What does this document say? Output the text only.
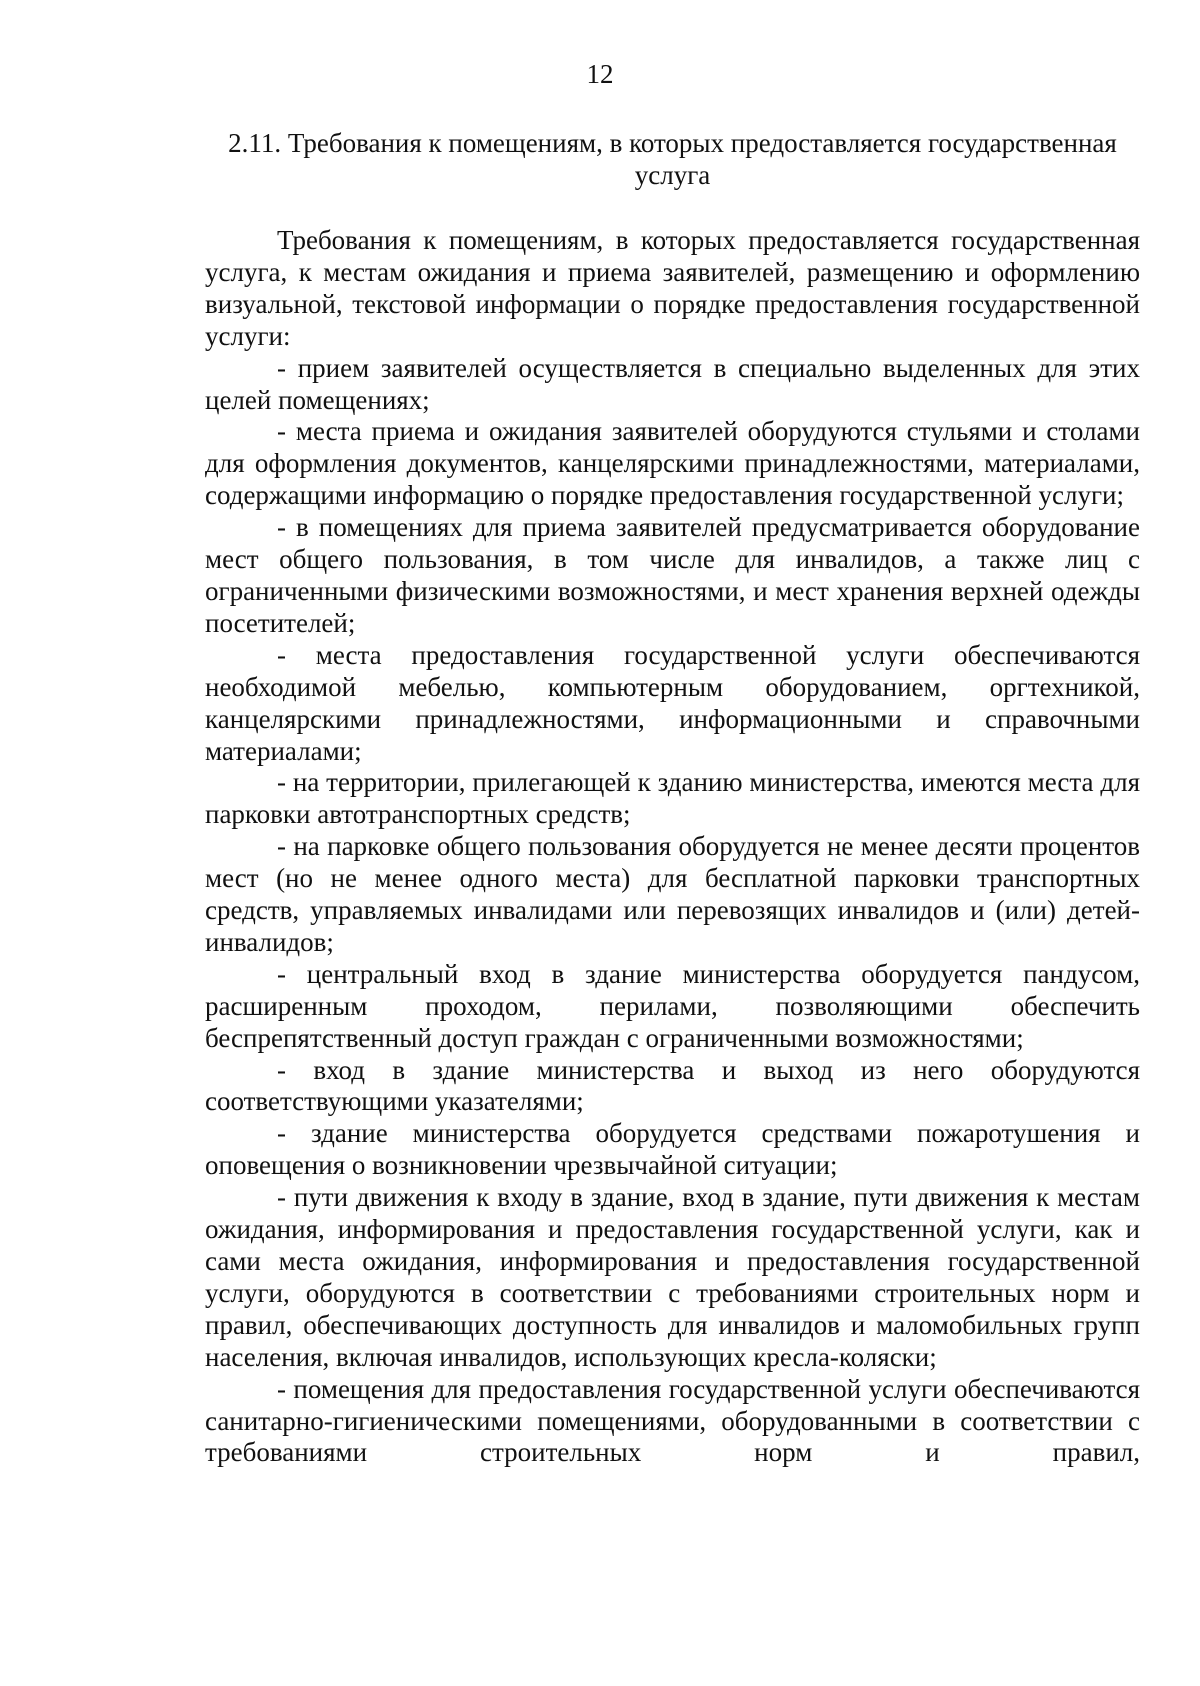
12
2.11. Требования к помещениям, в которых предоставляется государственная услуга

Требования к помещениям, в которых предоставляется государственная услуга, к местам ожидания и приема заявителей, размещению и оформлению визуальной, текстовой информации о порядке предоставления государственной услуги:

- прием заявителей осуществляется в специально выделенных для этих целей помещениях;

- места приема и ожидания заявителей оборудуются стульями и столами для оформления документов, канцелярскими принадлежностями, материалами, содержащими информацию о порядке предоставления государственной услуги;

- в помещениях для приема заявителей предусматривается оборудование мест общего пользования, в том числе для инвалидов, а также лиц с ограниченными физическими возможностями, и мест хранения верхней одежды посетителей;

- места предоставления государственной услуги обеспечиваются необходимой мебелью, компьютерным оборудованием, оргтехникой, канцелярскими принадлежностями, информационными и справочными материалами;

- на территории, прилегающей к зданию министерства, имеются места для парковки автотранспортных средств;

- на парковке общего пользования оборудуется не менее десяти процентов мест (но не менее одного места) для бесплатной парковки транспортных средств, управляемых инвалидами или перевозящих инвалидов и (или) детей-инвалидов;

- центральный вход в здание министерства оборудуется пандусом, расширенным проходом, перилами, позволяющими обеспечить беспрепятственный доступ граждан с ограниченными возможностями;

- вход в здание министерства и выход из него оборудуются соответствующими указателями;

- здание министерства оборудуется средствами пожаротушения и оповещения о возникновении чрезвычайной ситуации;

- пути движения к входу в здание, вход в здание, пути движения к местам ожидания, информирования и предоставления государственной услуги, как и сами места ожидания, информирования и предоставления государственной услуги, оборудуются в соответствии с требованиями строительных норм и правил, обеспечивающих доступность для инвалидов и маломобильных групп населения, включая инвалидов, использующих кресла-коляски;

- помещения для предоставления государственной услуги обеспечиваются санитарно-гигиеническими помещениями, оборудованными в соответствии с требованиями строительных норм и правил,
